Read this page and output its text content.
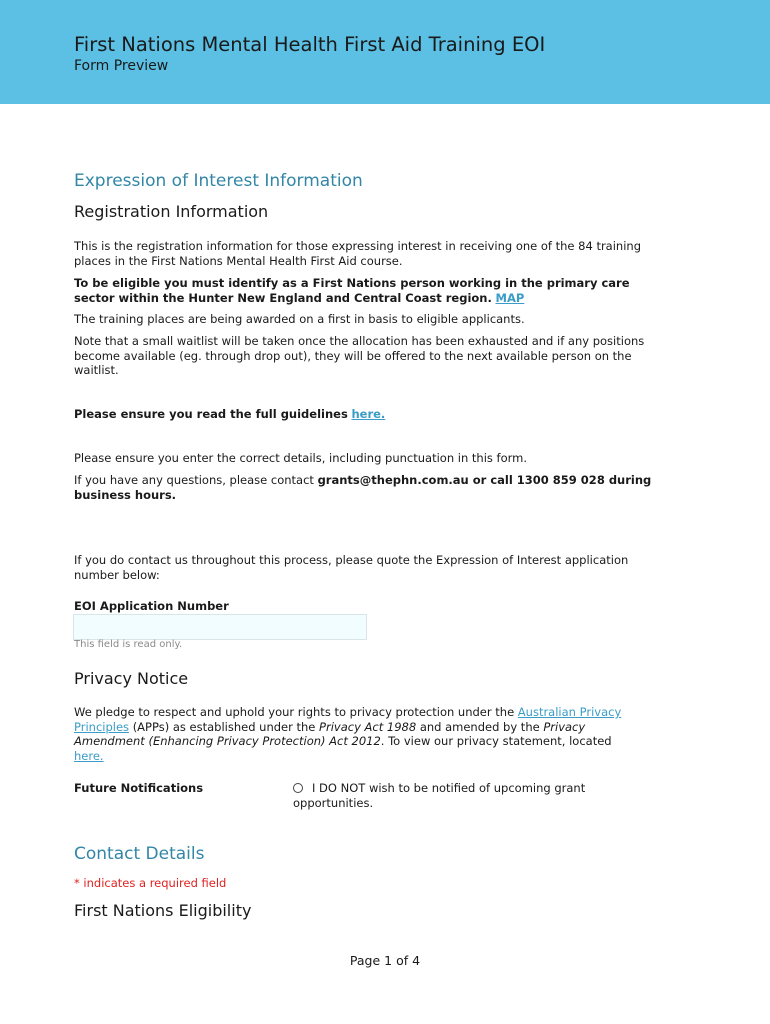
First Nations Mental Health First Aid Training EOI
Form Preview
Expression of Interest Information
Registration Information
This is the registration information for those expressing interest in receiving one of the 84 training places in the First Nations Mental Health First Aid course.
To be eligible you must identify as a First Nations person working in the primary care sector within the Hunter New England and Central Coast region. MAP
The training places are being awarded on a first in basis to eligible applicants.
Note that a small waitlist will be taken once the allocation has been exhausted and if any positions become available (eg. through drop out), they will be offered to the next available person on the waitlist.
Please ensure you read the full guidelines here.
Please ensure you enter the correct details, including punctuation in this form.
If you have any questions, please contact grants@thephn.com.au or call 1300 859 028 during business hours.
If you do contact us throughout this process, please quote the Expression of Interest application number below:
EOI Application Number
This field is read only.
Privacy Notice
We pledge to respect and uphold your rights to privacy protection under the Australian Privacy Principles (APPs) as established under the Privacy Act 1988 and amended by the Privacy Amendment (Enhancing Privacy Protection) Act 2012. To view our privacy statement, located here.
Future Notifications	I DO NOT wish to be notified of upcoming grant opportunities.
Contact Details
* indicates a required field
First Nations Eligibility
Page 1 of 4
